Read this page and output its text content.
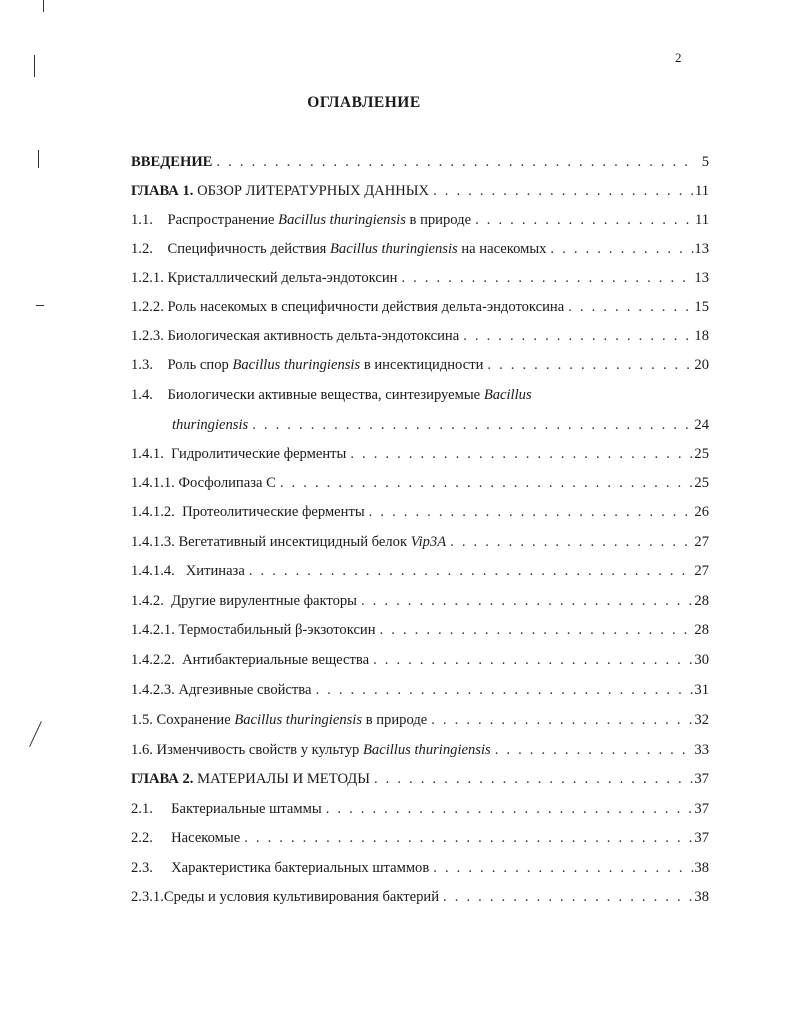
2
ОГЛАВЛЕНИЕ
ВВЕДЕНИЕ . . .	5
ГЛАВА 1. ОБЗОР ЛИТЕРАТУРНЫХ ДАННЫХ . . .	11
1.1. Распространение Bacillus thuringiensis в природе . . .	11
1.2. Специфичность действия Bacillus thuringiensis на насекомых . . .	13
1.2.1. Кристаллический дельта-эндотоксин . . .	13
1.2.2. Роль насекомых в специфичности действия дельта-эндотоксина . . .	15
1.2.3. Биологическая активность дельта-эндотоксина . . .	18
1.3. Роль спор Bacillus thuringiensis в инсектицидности . . .	20
1.4. Биологически активные вещества, синтезируемые Bacillus
thuringiensis . . .	24
1.4.1. Гидролитические ферменты . . .	25
1.4.1.1. Фосфолипаза С . . .	25
1.4.1.2. Протеолитические ферменты . . .	26
1.4.1.3. Вегетативный инсектицидный белок Vip3A . . .	27
1.4.1.4. Хитиназа . . .	27
1.4.2. Другие вирулентные факторы . . .	28
1.4.2.1. Термостабильный β-экзотоксин . . .	28
1.4.2.2. Антибактериальные вещества . . .	30
1.4.2.3. Адгезивные свойства . . .	31
1.5. Сохранение Bacillus thuringiensis в природе . . .	32
1.6. Изменчивость свойств у культур Bacillus thuringiensis . . .	33
ГЛАВА 2. МАТЕРИАЛЫ И МЕТОДЫ . . .	37
2.1. Бактериальные штаммы . . .	37
2.2. Насекомые . . .	37
2.3. Характеристика бактериальных штаммов . . .	38
2.3.1.Среды и условия культивирования бактерий . . .	38
